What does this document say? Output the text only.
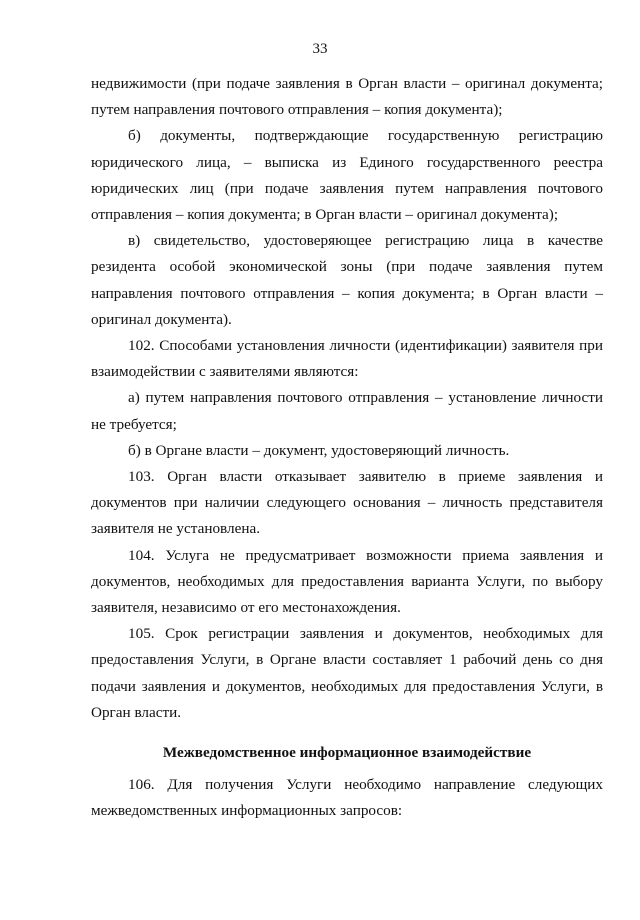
33

недвижимости (при подаче заявления в Орган власти – оригинал документа; путем направления почтового отправления – копия документа);

б) документы, подтверждающие государственную регистрацию юридического лица, – выписка из Единого государственного реестра юридических лиц (при подаче заявления путем направления почтового отправления – копия документа; в Орган власти – оригинал документа);

в) свидетельство, удостоверяющее регистрацию лица в качестве резидента особой экономической зоны (при подаче заявления путем направления почтового отправления – копия документа; в Орган власти – оригинал документа).

102. Способами установления личности (идентификации) заявителя при взаимодействии с заявителями являются:

а) путем направления почтового отправления – установление личности не требуется;

б) в Органе власти – документ, удостоверяющий личность.

103. Орган власти отказывает заявителю в приеме заявления и документов при наличии следующего основания – личность представителя заявителя не установлена.

104. Услуга не предусматривает возможности приема заявления и документов, необходимых для предоставления варианта Услуги, по выбору заявителя, независимо от его местонахождения.

105. Срок регистрации заявления и документов, необходимых для предоставления Услуги, в Органе власти составляет 1 рабочий день со дня подачи заявления и документов, необходимых для предоставления Услуги, в Орган власти.

Межведомственное информационное взаимодействие

106. Для получения Услуги необходимо направление следующих межведомственных информационных запросов:
